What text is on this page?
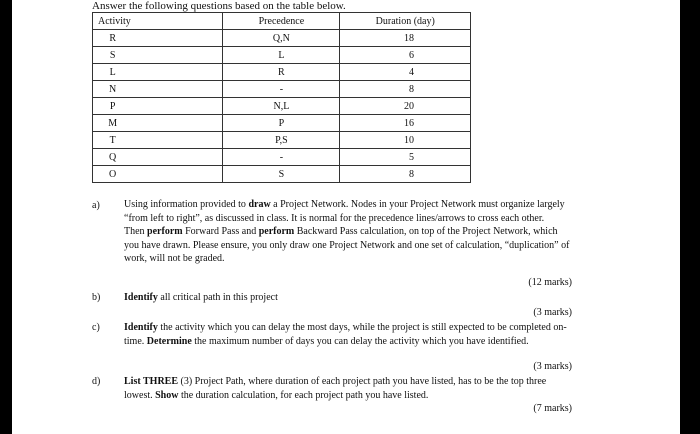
Answer the following questions based on the table below.
Activity	Precedence	Duration (day)
R	Q,N	18
S	L	6
L	R	4
N	-	8
P	N,L	20
M	P	16
T	P,S	10
Q	-	5
O	S	8
a) Using information provided to draw a Project Network. Nodes in your Project Network must organize largely “from left to right”, as discussed in class. It is normal for the precedence lines/arrows to cross each other.

Then perform Forward Pass and perform Backward Pass calculation, on top of the Project Network, which you have drawn. Please ensure, you only draw one Project Network and one set of calculation, “duplication” of work, will not be graded.

(12 marks)
b) Identify all critical path in this project

(3 marks)
c) Identify the activity which you can delay the most days, while the project is still expected to be completed on-time. Determine the maximum number of days you can delay the activity which you have identified.

(3 marks)
d) List THREE (3) Project Path, where duration of each project path you have listed, has to be the top three lowest. Show the duration calculation, for each project path you have listed.

(7 marks)
